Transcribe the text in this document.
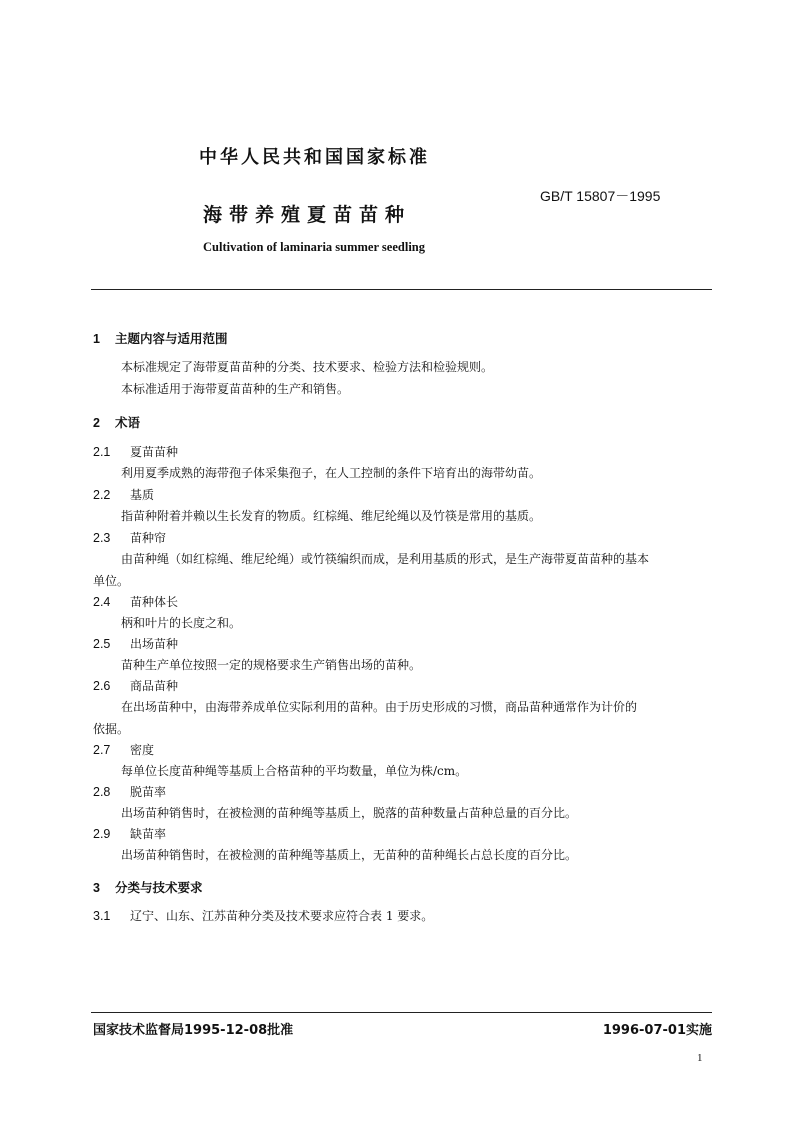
中华人民共和国国家标准
GB/T 15807－1995
海带养殖夏苗苗种
Cultivation of laminaria summer seedling
1 主题内容与适用范围
本标准规定了海带夏苗苗种的分类、技术要求、检验方法和检验规则。
本标准适用于海带夏苗苗种的生产和销售。
2 术语
2.1 夏苗苗种
利用夏季成熟的海带孢子体采集孢子，在人工控制的条件下培育出的海带幼苗。
2.2 基质
指苗种附着并赖以生长发育的物质。红棕绳、维尼纶绳以及竹筷是常用的基质。
2.3 苗种帘
由苗种绳（如红棕绳、维尼纶绳）或竹筷编织而成，是利用基质的形式，是生产海带夏苗苗种的基本
单位。
2.4 苗种体长
柄和叶片的长度之和。
2.5 出场苗种
苗种生产单位按照一定的规格要求生产销售出场的苗种。
2.6 商品苗种
在出场苗种中，由海带养成单位实际利用的苗种。由于历史形成的习惯，商品苗种通常作为计价的
依据。
2.7 密度
每单位长度苗种绳等基质上合格苗种的平均数量，单位为株/cm。
2.8 脱苗率
出场苗种销售时，在被检测的苗种绳等基质上，脱落的苗种数量占苗种总量的百分比。
2.9 缺苗率
出场苗种销售时，在被检测的苗种绳等基质上，无苗种的苗种绳长占总长度的百分比。
3 分类与技术要求
3.1 辽宁、山东、江苏苗种分类及技术要求应符合表 1 要求。
国家技术监督局1995-12-08批准	1996-07-01实施
1
